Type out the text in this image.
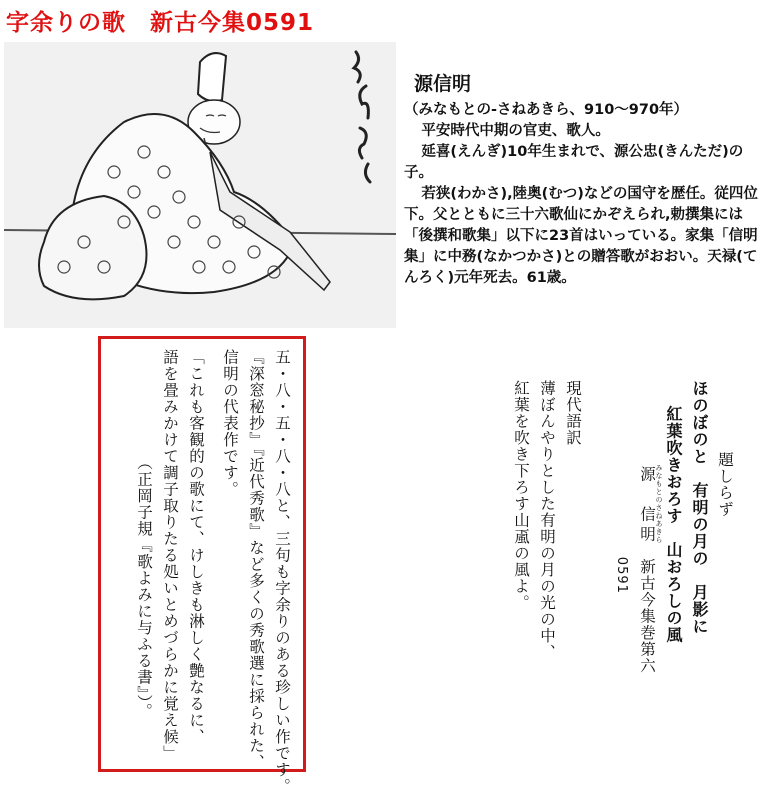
字余りの歌　新古今集0591
源信明

（みなもとの-さねあきら、910～970年）

平安時代中期の官吏、歌人。

延喜(えんぎ)10年生まれで、源公忠(きんただ)の子。

若狭(わかさ),陸奥(むつ)などの国守を歴任。従四位下。父とともに三十六歌仙にかぞえられ,勅撰集には「後撰和歌集」以下に23首はいっている。家集「信明集」に中務(なかつかさ)との贈答歌がおおい。天禄(てんろく)元年死去。61歳。

五・八・五・八・八と、三句も字余りのある珍しい作です。
『深窓秘抄』『近代秀歌』など多くの秀歌選に採られた、
信明の代表作です。

「これも客観的の歌にて、けしきも淋しく艶なるに、
語を畳みかけて調子取りたる処いとめづらかに覚え候」
（正岡子規『歌よみに与ふる書』）。	題しらず
ほのぼのと　有明の月の　月影に
紅葉吹きおろす　山おろしの風
源　信明 みなもとのさねあきら　新古今集巻第六
0591

現代語訳
薄ぼんやりとした有明の月の光の中、
紅葉を吹き下ろす山颪の風よ。
